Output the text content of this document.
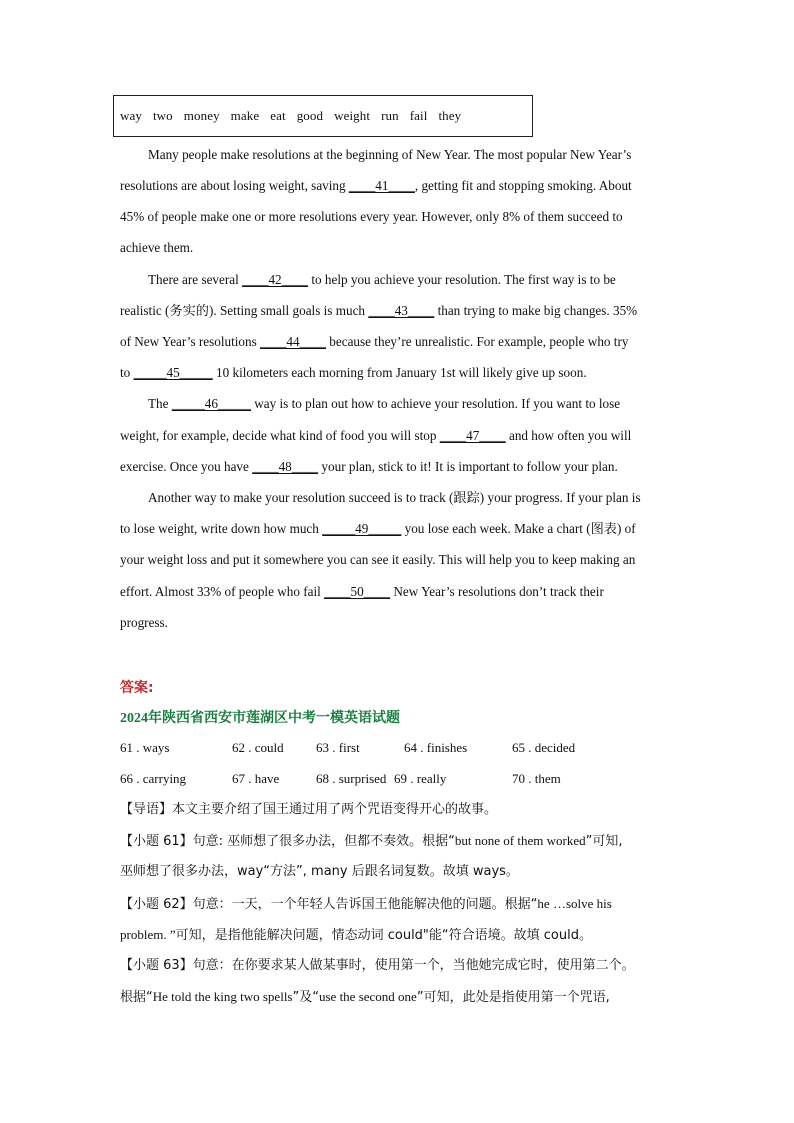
way two money make eat good weight run fail they
Many people make resolutions at the beginning of New Year. The most popular New Year’s
resolutions are about losing weight, saving ____41____, getting fit and stopping smoking. About
45% of people make one or more resolutions every year. However, only 8% of them succeed to
achieve them.
There are several ____42____ to help you achieve your resolution. The first way is to be
realistic (务实的). Setting small goals is much ____43____ than trying to make big changes. 35%
of New Year’s resolutions ____44____ because they’re unrealistic. For example, people who try
to _____45_____ 10 kilometers each morning from January 1st will likely give up soon.
The _____46_____ way is to plan out how to achieve your resolution. If you want to lose
weight, for example, decide what kind of food you will stop ____47____ and how often you will
exercise. Once you have ____48____ your plan, stick to it! It is important to follow your plan.
Another way to make your resolution succeed is to track (跟踪) your progress. If your plan is
to lose weight, write down how much _____49_____ you lose each week. Make a chart (图表) of
your weight loss and put it somewhere you can see it easily. This will help you to keep making an
effort. Almost 33% of people who fail ____50____ New Year’s resolutions don’t track their
progress.
答案:
2024年陕西省西安市莲湖区中考一模英语试题
61 . ways	62 . could 63 . first	64 . finishes	65 . decided
66 . carrying	67 . have	68 . surprised 69 . really	70 . them
【导语】本文主要介绍了国王通过用了两个咒语变得开心的故事。
【小题 61】句意: 巫师想了很多办法，但都不奏效。根据“but none of them worked”可知,
巫师想了很多办法，way“方法”, many 后跟名词复数。故填 ways。
【小题 62】句意：一天，一个年轻人告诉国王他能解决他的问题。根据“he …solve his
problem. ”可知，是指他能解决问题，情态动词 could"能“符合语境。故填 could。
【小题 63】句意：在你要求某人做某事时，使用第一个，当他她完成它时，使用第二个。
根据“He told the king two spells”及“use the second one”可知，此处是指使用第一个咒语,
